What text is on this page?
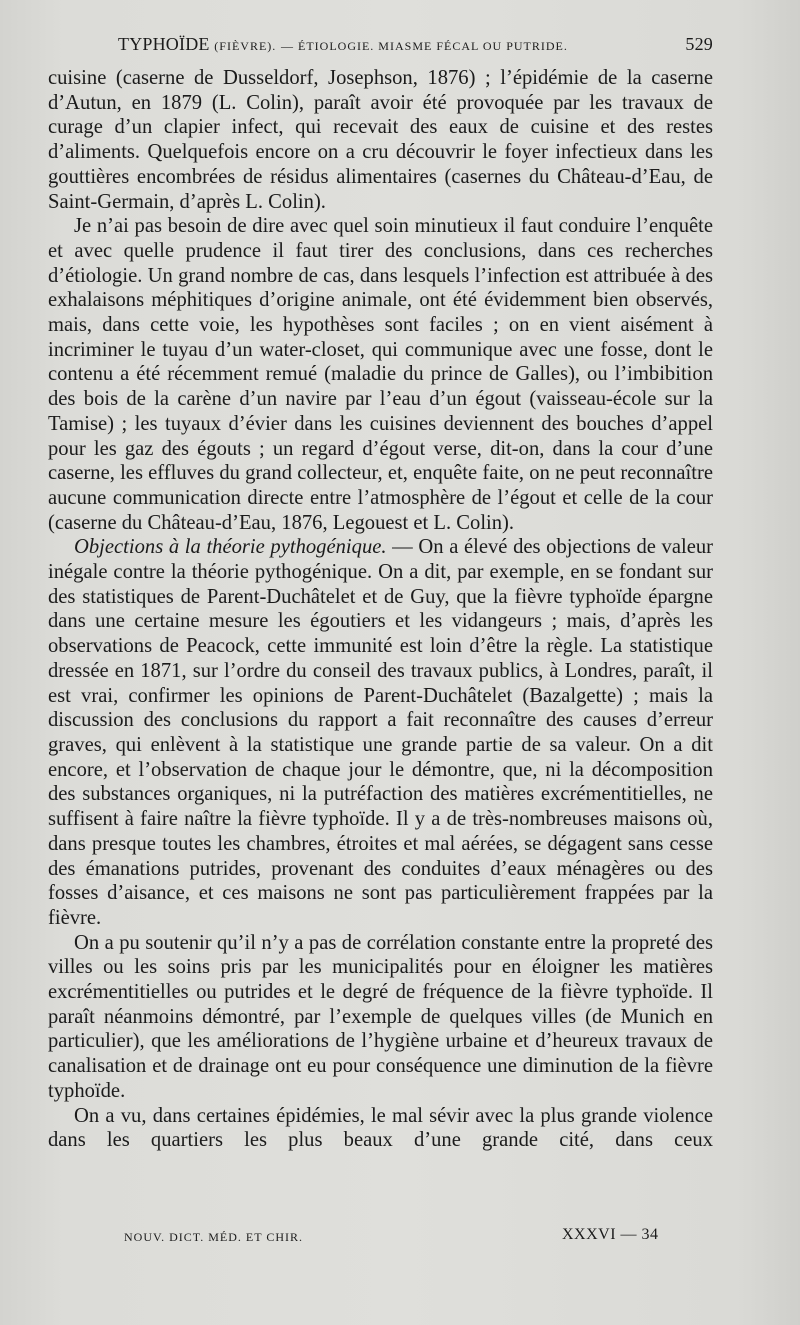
TYPHOÏDE (FIÈVRE). — ÉTIOLOGIE. MIASME FÉCAL OU PUTRIDE.	529

cuisine (caserne de Dusseldorf, Josephson, 1876) ; l’épidémie de la caserne d’Autun, en 1879 (L. Colin), paraît avoir été provoquée par les travaux de curage d’un clapier infect, qui recevait des eaux de cuisine et des restes d’aliments. Quelquefois encore on a cru découvrir le foyer infectieux dans les gouttières encombrées de résidus alimentaires (casernes du Château-d’Eau, de Saint-Germain, d’après L. Colin).

Je n’ai pas besoin de dire avec quel soin minutieux il faut conduire l’enquête et avec quelle prudence il faut tirer des conclusions, dans ces recherches d’étiologie. Un grand nombre de cas, dans lesquels l’infection est attribuée à des exhalaisons méphitiques d’origine animale, ont été évidemment bien observés, mais, dans cette voie, les hypothèses sont faciles ; on en vient aisément à incriminer le tuyau d’un water-closet, qui communique avec une fosse, dont le contenu a été récemment remué (maladie du prince de Galles), ou l’imbibition des bois de la carène d’un navire par l’eau d’un égout (vaisseau-école sur la Tamise) ; les tuyaux d’évier dans les cuisines deviennent des bouches d’appel pour les gaz des égouts ; un regard d’égout verse, dit-on, dans la cour d’une caserne, les effluves du grand collecteur, et, enquête faite, on ne peut reconnaître aucune communication directe entre l’atmosphère de l’égout et celle de la cour (caserne du Château-d’Eau, 1876, Legouest et L. Colin).

Objections à la théorie pythogénique. — On a élevé des objections de valeur inégale contre la théorie pythogénique. On a dit, par exemple, en se fondant sur des statistiques de Parent-Duchâtelet et de Guy, que la fièvre typhoïde épargne dans une certaine mesure les égoutiers et les vidangeurs ; mais, d’après les observations de Peacock, cette immunité est loin d’être la règle. La statistique dressée en 1871, sur l’ordre du conseil des travaux publics, à Londres, paraît, il est vrai, confirmer les opinions de Parent-Duchâtelet (Bazalgette) ; mais la discussion des conclusions du rapport a fait reconnaître des causes d’erreur graves, qui enlèvent à la statistique une grande partie de sa valeur. On a dit encore, et l’observation de chaque jour le démontre, que, ni la décomposition des substances organiques, ni la putréfaction des matières excrémentitielles, ne suffisent à faire naître la fièvre typhoïde. Il y a de très-nombreuses maisons où, dans presque toutes les chambres, étroites et mal aérées, se dégagent sans cesse des émanations putrides, provenant des conduites d’eaux ménagères ou des fosses d’aisance, et ces maisons ne sont pas particulièrement frappées par la fièvre.

On a pu soutenir qu’il n’y a pas de corrélation constante entre la propreté des villes ou les soins pris par les municipalités pour en éloigner les matières excrémentitielles ou putrides et le degré de fréquence de la fièvre typhoïde. Il paraît néanmoins démontré, par l’exemple de quelques villes (de Munich en particulier), que les améliorations de l’hygiène urbaine et d’heureux travaux de canalisation et de drainage ont eu pour conséquence une diminution de la fièvre typhoïde.

On a vu, dans certaines épidémies, le mal sévir avec la plus grande violence dans les quartiers les plus beaux d’une grande cité, dans ceux

NOUV. DICT. MÉD. ET CHIR.	XXXVI — 34
